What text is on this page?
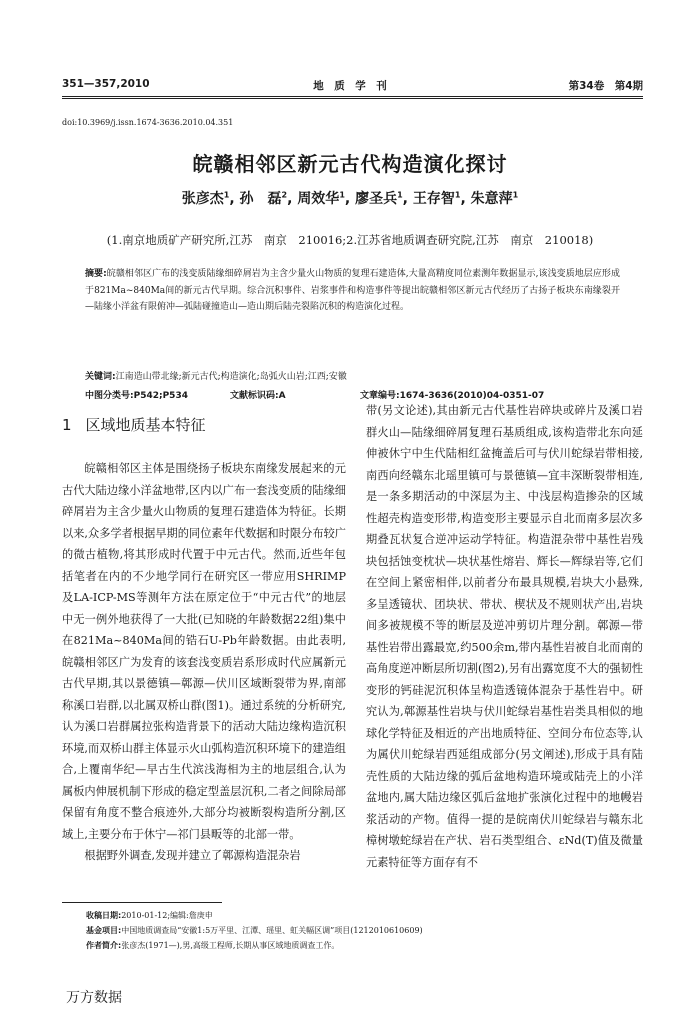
351—357,2010	地　质　学　刊	第34卷　第4期
doi:10.3969/j.issn.1674-3636.2010.04.351
皖赣相邻区新元古代构造演化探讨
张彦杰$^1$, 孙　磊$^2$, 周效华$^1$, 廖圣兵$^1$, 王存智$^1$, 朱意萍$^1$
(1.南京地质矿产研究所,江苏　南京　210016;2.江苏省地质调查研究院,江苏　南京　210018)
摘要:皖赣相邻区广布的浅变质陆缘细碎屑岩为主含少量火山物质的复理石建造体,大量高精度同位素测年数据显示,该浅变质地层应形成于821Ma~840Ma间的新元古代早期。综合沉积事件、岩浆事件和构造事件等提出皖赣相邻区新元古代经历了古扬子板块东南缘裂开—陆缘小洋盆有限俯冲—弧陆碰撞造山—造山期后陆壳裂陷沉积的构造演化过程。
关键词:江南造山带北缘;新元古代;构造演化;岛弧火山岩;江西;安徽
中图分类号:P542;P534	文献标识码:A	文章编号:1674-3636(2010)04-0351-07
1 区域地质基本特征

皖赣相邻区主体是围绕扬子板块东南缘发展起来的元古代大陆边缘小洋盆地带,区内以广布一套浅变质的陆缘细碎屑岩为主含少量火山物质的复理石建造体为特征。长期以来,众多学者根据早期的同位素年代数据和时限分布较广的微古植物,将其形成时代置于中元古代。然而,近些年包括笔者在内的不少地学同行在研究区一带应用SHRIMP及LA-ICP-MS等测年方法在原定位于“中元古代”的地层中无一例外地获得了一大批(已知晓的年龄数据22组)集中在821Ma~840Ma间的锆石U-Pb年龄数据。由此表明,皖赣相邻区广为发育的该套浅变质岩系形成时代应属新元古代早期,其以景德镇—鄣源—伏川区域断裂带为界,南部称溪口岩群,以北属双桥山群(图1)。通过系统的分析研究,认为溪口岩群属拉张构造背景下的活动大陆边缘构造沉积环境,而双桥山群主体显示火山弧构造沉积环境下的建造组合,上覆南华纪—早古生代滨浅海相为主的地层组合,认为属板内伸展机制下形成的稳定型盖层沉积,二者之间除局部保留有角度不整合痕迹外,大部分均被断裂构造所分割,区域上,主要分布于休宁—祁门县畈等的北部一带。

根据野外调查,发现并建立了鄣源构造混杂岩

带(另文论述),其由新元古代基性岩碎块或碎片及溪口岩群火山—陆缘细碎屑复理石基质组成,该构造带北东向延伸被休宁中生代陆相红盆掩盖后可与伏川蛇绿岩带相接,南西向经赣东北瑶里镇可与景德镇—宜丰深断裂带相连,是一条多期活动的中深层为主、中浅层构造掺杂的区域性超壳构造变形带,构造变形主要显示自北而南多层次多期叠瓦状复合逆冲运动学特征。构造混杂带中基性岩残块包括蚀变枕状—块状基性熔岩、辉长—辉绿岩等,它们在空间上紧密相伴,以前者分布最具规模,岩块大小悬殊,多呈透镜状、团块状、带状、楔状及不规则状产出,岩块间多被规模不等的断层及逆冲剪切片理分割。鄣源—带基性岩带出露最宽,约500余m,带内基性岩被自北而南的高角度逆冲断层所切割(图2),另有出露宽度不大的强韧性变形的钙硅泥沉积体呈构造透镜体混杂于基性岩中。研究认为,鄣源基性岩块与伏川蛇绿岩基性岩类具相似的地球化学特征及相近的产出地质特征、空间分布位态等,认为属伏川蛇绿岩西延组成部分(另文阐述),形成于具有陆壳性质的大陆边缘的弧后盆地构造环境或陆壳上的小洋盆地内,属大陆边缘区弧后盆地扩张演化过程中的地幔岩浆活动的产物。值得一提的是皖南伏川蛇绿岩与赣东北樟树墩蛇绿岩在产状、岩石类型组合、εNd(T)值及微量元素特征等方面存有不

收稿日期:2010-01-12;编辑:詹庚申
基金项目:中国地质调查局“安徽1:5万平里、江潭、瑶里、虹关幅区调”项目(1212010610609)
作者简介:张彦杰(1971—),男,高级工程师,长期从事区域地质调查工作。
万方数据
